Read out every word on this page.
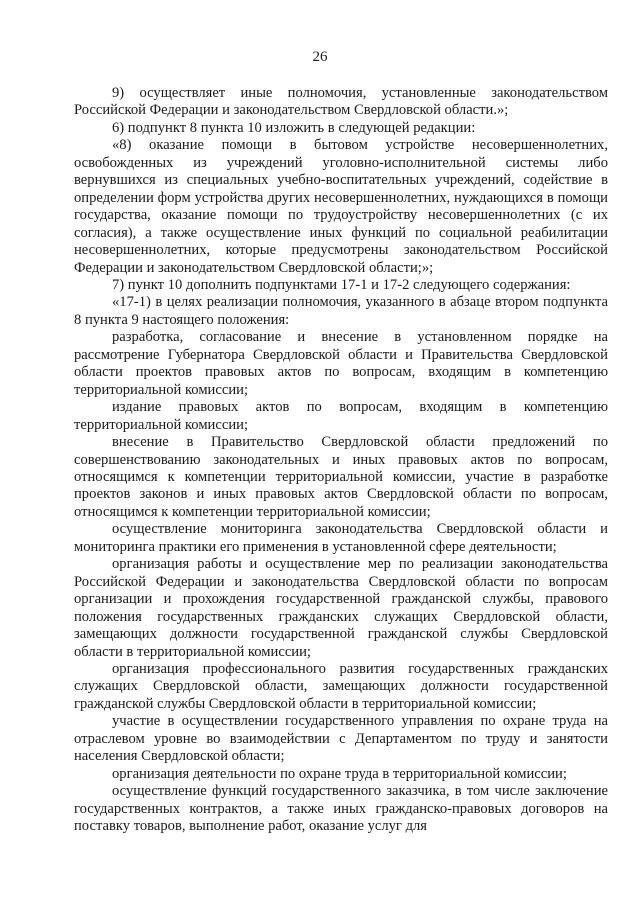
26

9) осуществляет иные полномочия, установленные законодательством Российской Федерации и законодательством Свердловской области.»;

6) подпункт 8 пункта 10 изложить в следующей редакции:

«8) оказание помощи в бытовом устройстве несовершеннолетних, освобожденных из учреждений уголовно-исполнительной системы либо вернувшихся из специальных учебно-воспитательных учреждений, содействие в определении форм устройства других несовершеннолетних, нуждающихся в помощи государства, оказание помощи по трудоустройству несовершеннолетних (с их согласия), а также осуществление иных функций по социальной реабилитации несовершеннолетних, которые предусмотрены законодательством Российской Федерации и законодательством Свердловской области;»;

7) пункт 10 дополнить подпунктами 17-1 и 17-2 следующего содержания:

«17-1) в целях реализации полномочия, указанного в абзаце втором подпункта 8 пункта 9 настоящего положения:

разработка, согласование и внесение в установленном порядке на рассмотрение Губернатора Свердловской области и Правительства Свердловской области проектов правовых актов по вопросам, входящим в компетенцию территориальной комиссии;

издание правовых актов по вопросам, входящим в компетенцию территориальной комиссии;

внесение в Правительство Свердловской области предложений по совершенствованию законодательных и иных правовых актов по вопросам, относящимся к компетенции территориальной комиссии, участие в разработке проектов законов и иных правовых актов Свердловской области по вопросам, относящимся к компетенции территориальной комиссии;

осуществление мониторинга законодательства Свердловской области и мониторинга практики его применения в установленной сфере деятельности;

организация работы и осуществление мер по реализации законодательства Российской Федерации и законодательства Свердловской области по вопросам организации и прохождения государственной гражданской службы, правового положения государственных гражданских служащих Свердловской области, замещающих должности государственной гражданской службы Свердловской области в территориальной комиссии;

организация профессионального развития государственных гражданских служащих Свердловской области, замещающих должности государственной гражданской службы Свердловской области в территориальной комиссии;

участие в осуществлении государственного управления по охране труда на отраслевом уровне во взаимодействии с Департаментом по труду и занятости населения Свердловской области;

организация деятельности по охране труда в территориальной комиссии;

осуществление функций государственного заказчика, в том числе заключение государственных контрактов, а также иных гражданско-правовых договоров на поставку товаров, выполнение работ, оказание услуг для
